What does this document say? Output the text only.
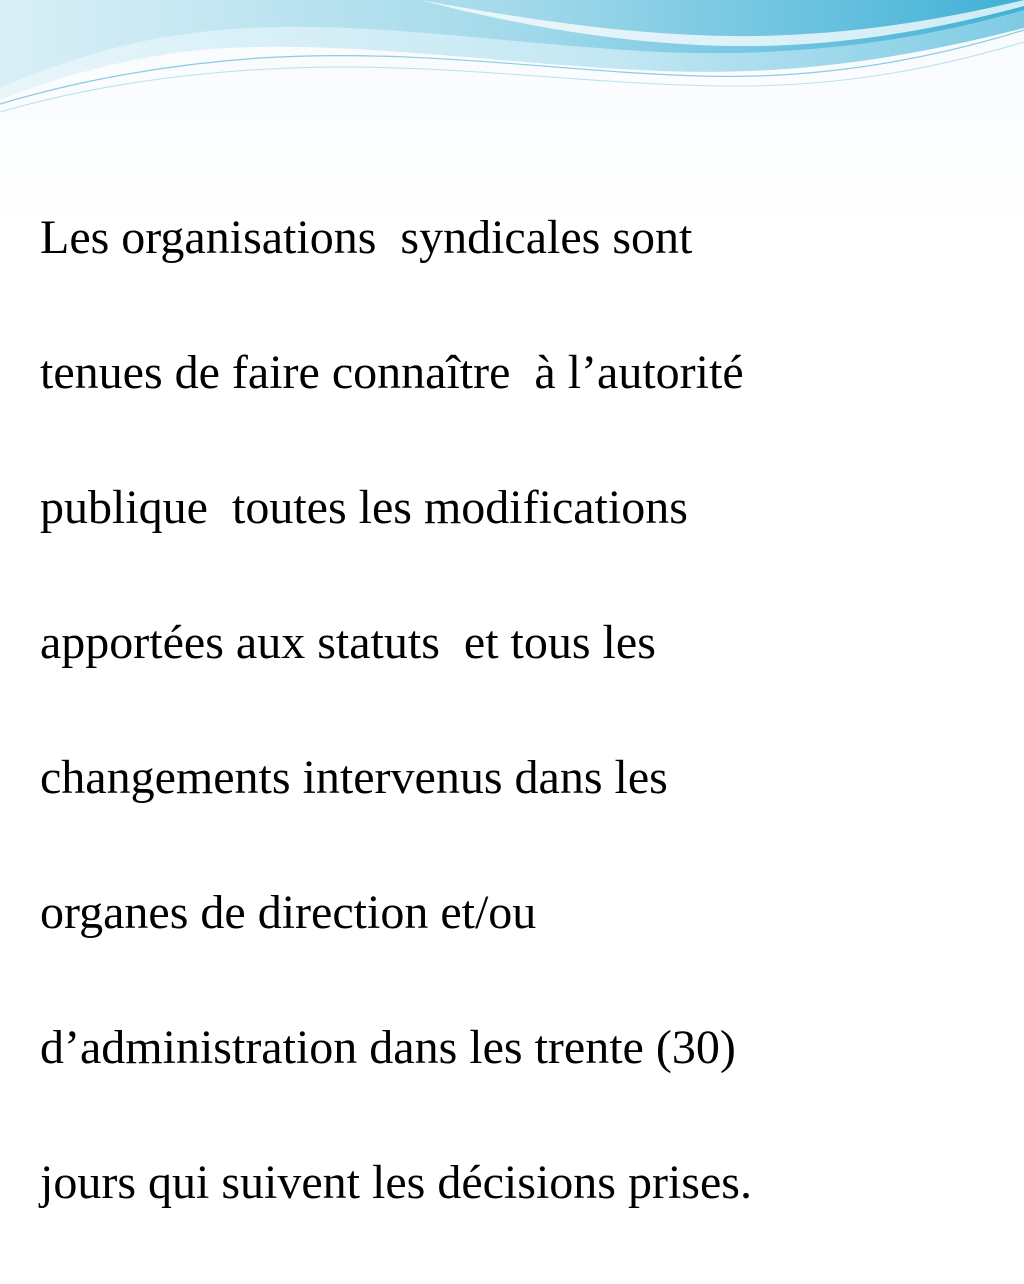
Les organisations  syndicales sont

tenues de faire connaître  à l’autorité

publique  toutes les modifications

apportées aux statuts  et tous les

changements intervenus dans les

organes de direction et/ou

d’administration dans les trente (30)

jours qui suivent les décisions prises.
